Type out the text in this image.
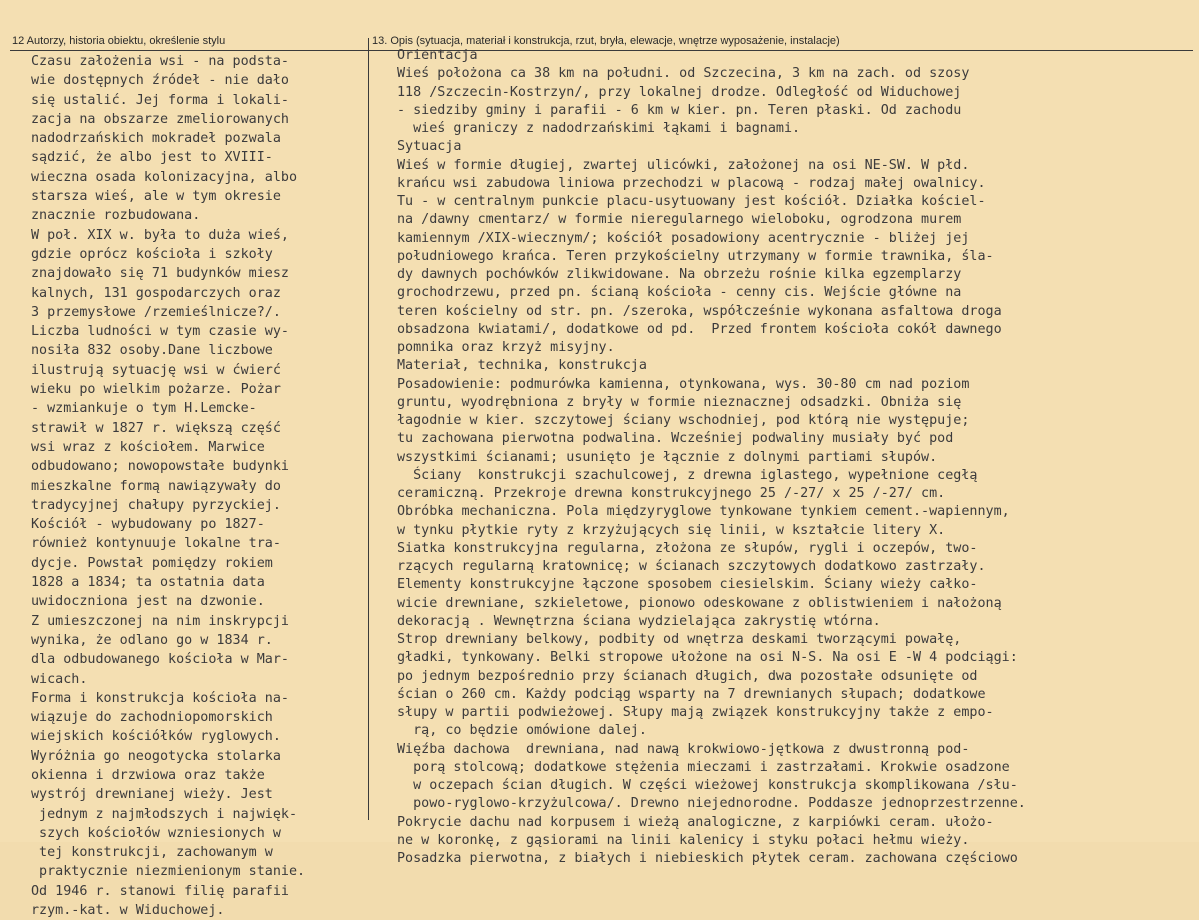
12 Autorzy, historia obiektu, określenie stylu	13. Opis (sytuacja, materiał i konstrukcja, rzut, bryła, elewacje, wnętrze wyposażenie, instalacje)
Czasu założenia wsi - na podsta-
wie dostępnych źródeł - nie dało
się ustalić. Jej forma i lokali-
zacja na obszarze zmeliorowanych
nadodrzańskich mokradeł pozwala
sądzić, że albo jest to XVIII-
wieczna osada kolonizacyjna, albo
starsza wieś, ale w tym okresie
znacznie rozbudowana.
W poł. XIX w. była to duża wieś,
gdzie oprócz kościoła i szkoły
znajdowało się 71 budynków miesz
kalnych, 131 gospodarczych oraz
3 przemysłowe /rzemieślnicze?/.
Liczba ludności w tym czasie wy-
nosiła 832 osoby.Dane liczbowe
ilustrują sytuację wsi w ćwierć
wieku po wielkim pożarze. Pożar
- wzmiankuje o tym H.Lemcke-
strawił w 1827 r. większą część
wsi wraz z kościołem. Marwice
odbudowano; nowopowstałe budynki
mieszkalne formą nawiązywały do
tradycyjnej chałupy pyrzyckiej.
Kościół - wybudowany po 1827-
również kontynuuje lokalne tra-
dycje. Powstał pomiędzy rokiem
1828 a 1834; ta ostatnia data
uwidoczniona jest na dzwonie.
Z umieszczonej na nim inskrypcji
wynika, że odlano go w 1834 r.
dla odbudowanego kościoła w Mar-
wicach.
Forma i konstrukcja kościoła na-
wiązuje do zachodniopomorskich
wiejskich kościółków ryglowych.
Wyróżnia go neogotycka stolarka
okienna i drzwiowa oraz także
wystrój drewnianej wieży. Jest
jednym z najmłodszych i najwięk-
szych kościołów wzniesionych w
tej konstrukcji, zachowanym w
praktycznie niezmienionym stanie.
Od 1946 r. stanowi filię parafii
rzym.-kat. w Widuchowej.
Orientacja
Wieś położona ca 38 km na południ. od Szczecina, 3 km na zach. od szosy
118 /Szczecin-Kostrzyn/, przy lokalnej drodze. Odległość od Widuchowej
- siedziby gminy i parafii - 6 km w kier. pn. Teren płaski. Od zachodu
wieś graniczy z nadodrzańskimi łąkami i bagnami.
Sytuacja
Wieś w formie długiej, zwartej ulicówki, założonej na osi NE-SW. W płd.
krańcu wsi zabudowa liniowa przechodzi w placową - rodzaj małej owalnicy.
Tu - w centralnym punkcie placu-usytuowany jest kościół. Działka kościel-
na /dawny cmentarz/ w formie nieregularnego wieloboku, ogrodzona murem
kamiennym /XIX-wiecznym/; kościół posadowiony acentrycznie - bliżej jej
południowego krańca. Teren przykościelny utrzymany w formie trawnika, śla-
dy dawnych pochówków zlikwidowane. Na obrzeżu rośnie kilka egzemplarzy
grochodrzewu, przed pn. ścianą kościoła - cenny cis. Wejście główne na
teren kościelny od str. pn. /szeroka, współcześnie wykonana asfaltowa droga
obsadzona kwiatami/, dodatkowe od pd.  Przed frontem kościoła cokół dawnego
pomnika oraz krzyż misyjny.
Materiał, technika, konstrukcja
Posadowienie: podmurówka kamienna, otynkowana, wys. 30-80 cm nad poziom
gruntu, wyodrębniona z bryły w formie nieznacznej odsadzki. Obniża się
łagodnie w kier. szczytowej ściany wschodniej, pod którą nie występuje;
tu zachowana pierwotna podwalina. Wcześniej podwaliny musiały być pod
wszystkimi ścianami; usunięto je łącznie z dolnymi partiami słupów.
Ściany  konstrukcji szachulcowej, z drewna iglastego, wypełnione cegłą
ceramiczną. Przekroje drewna konstrukcyjnego 25 /-27/ x 25 /-27/ cm.
Obróbka mechaniczna. Pola międzyryglowe tynkowane tynkiem cement.-wapiennym,
w tynku płytkie ryty z krzyżujących się linii, w kształcie litery X.
Siatka konstrukcyjna regularna, złożona ze słupów, rygli i oczepów, two-
rzących regularną kratownicę; w ścianach szczytowych dodatkowo zastrzały.
Elementy konstrukcyjne łączone sposobem ciesielskim. Ściany wieży całko-
wicie drewniane, szkieletowe, pionowo odeskowane z oblistwieniem i nałożoną
dekoracją . Wewnętrzna ściana wydzielająca zakrystię wtórna.
Strop drewniany belkowy, podbity od wnętrza deskami tworzącymi powałę,
gładki, tynkowany. Belki stropowe ułożone na osi N-S. Na osi E -W 4 podciągi:
po jednym bezpośrednio przy ścianach długich, dwa pozostałe odsunięte od
ścian o 260 cm. Każdy podciąg wsparty na 7 drewnianych słupach; dodatkowe
słupy w partii podwieżowej. Słupy mają związek konstrukcyjny także z empo-
rą, co będzie omówione dalej.
Więźba dachowa  drewniana, nad nawą krokwiowo-jętkowa z dwustronną pod-
porą stolcową; dodatkowe stężenia mieczami i zastrzałami. Krokwie osadzone
w oczepach ścian długich. W części wieżowej konstrukcja skomplikowana /słu-
powo-ryglowo-krzyżulcowa/. Drewno niejednorodne. Poddasze jednoprzestrzenne.
Pokrycie dachu nad korpusem i wieżą analogiczne, z karpiówki ceram. ułożo-
ne w koronkę, z gąsiorami na linii kalenicy i styku połaci hełmu wieży.
Posadzka pierwotna, z białych i niebieskich płytek ceram. zachowana częściowo
